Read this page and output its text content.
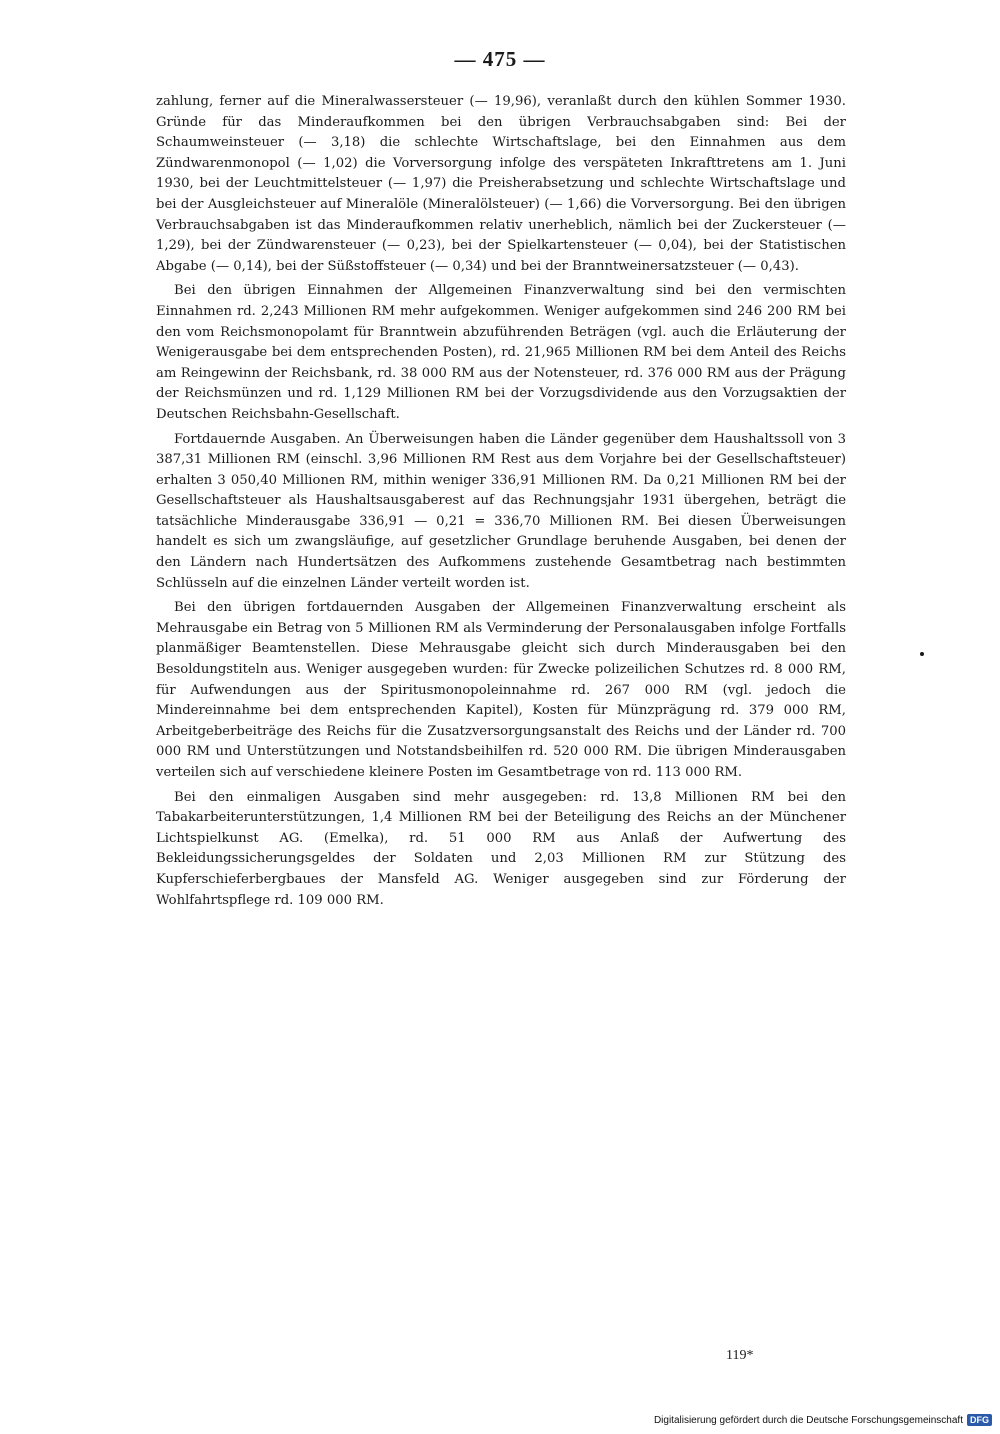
— 475 —

zahlung, ferner auf die Mineralwassersteuer (— 19,96), veranlaßt durch den kühlen Sommer 1930. Gründe für das Minderaufkommen bei den übrigen Verbrauchsabgaben sind: Bei der Schaumweinsteuer (— 3,18) die schlechte Wirtschaftslage, bei den Einnahmen aus dem Zündwarenmonopol (— 1,02) die Vorversorgung infolge des verspäteten Inkrafttretens am 1. Juni 1930, bei der Leuchtmittelsteuer (— 1,97) die Preisherabsetzung und schlechte Wirtschaftslage und bei der Ausgleichsteuer auf Mineralöle (Mineralölsteuer) (— 1,66) die Vorversorgung. Bei den übrigen Verbrauchsabgaben ist das Minderaufkommen relativ unerheblich, nämlich bei der Zuckersteuer (— 1,29), bei der Zündwarensteuer (— 0,23), bei der Spielkartensteuer (— 0,04), bei der Statistischen Abgabe (— 0,14), bei der Süßstoffsteuer (— 0,34) und bei der Branntweinersatzsteuer (— 0,43).

Bei den übrigen Einnahmen der Allgemeinen Finanzverwaltung sind bei den vermischten Einnahmen rd. 2,243 Millionen RM mehr aufgekommen. Weniger aufgekommen sind 246 200 RM bei den vom Reichsmonopolamt für Branntwein abzuführenden Beträgen (vgl. auch die Erläuterung der Wenigerausgabe bei dem entsprechenden Posten), rd. 21,965 Millionen RM bei dem Anteil des Reichs am Reingewinn der Reichsbank, rd. 38 000 RM aus der Notensteuer, rd. 376 000 RM aus der Prägung der Reichsmünzen und rd. 1,129 Millionen RM bei der Vorzugsdividende aus den Vorzugsaktien der Deutschen Reichsbahn-Gesellschaft.

Fortdauernde Ausgaben. An Überweisungen haben die Länder gegenüber dem Haushaltssoll von 3 387,31 Millionen RM (einschl. 3,96 Millionen RM Rest aus dem Vorjahre bei der Gesellschaftsteuer) erhalten 3 050,40 Millionen RM, mithin weniger 336,91 Millionen RM. Da 0,21 Millionen RM bei der Gesellschaftsteuer als Haushaltsausgaberest auf das Rechnungsjahr 1931 übergehen, beträgt die tatsächliche Minderausgabe 336,91 — 0,21 = 336,70 Millionen RM. Bei diesen Überweisungen handelt es sich um zwangsläufige, auf gesetzlicher Grundlage beruhende Ausgaben, bei denen der den Ländern nach Hundertsätzen des Aufkommens zustehende Gesamtbetrag nach bestimmten Schlüsseln auf die einzelnen Länder verteilt worden ist.

Bei den übrigen fortdauernden Ausgaben der Allgemeinen Finanzverwaltung erscheint als Mehrausgabe ein Betrag von 5 Millionen RM als Verminderung der Personalausgaben infolge Fortfalls planmäßiger Beamtenstellen. Diese Mehrausgabe gleicht sich durch Minderausgaben bei den Besoldungstiteln aus. Weniger ausgegeben wurden: für Zwecke polizeilichen Schutzes rd. 8 000 RM, für Aufwendungen aus der Spiritusmonopoleinnahme rd. 267 000 RM (vgl. jedoch die Mindereinnahme bei dem entsprechenden Kapitel), Kosten für Münzprägung rd. 379 000 RM, Arbeitgeberbeiträge des Reichs für die Zusatzversorgungsanstalt des Reichs und der Länder rd. 700 000 RM und Unterstützungen und Notstandsbeihilfen rd. 520 000 RM. Die übrigen Minderausgaben verteilen sich auf verschiedene kleinere Posten im Gesamtbetrage von rd. 113 000 RM.

Bei den einmaligen Ausgaben sind mehr ausgegeben: rd. 13,8 Millionen RM bei den Tabakarbeiterunterstützungen, 1,4 Millionen RM bei der Beteiligung des Reichs an der Münchener Lichtspielkunst AG. (Emelka), rd. 51 000 RM aus Anlaß der Aufwertung des Bekleidungssicherungsgeldes der Soldaten und 2,03 Millionen RM zur Stützung des Kupferschieferbergbaues der Mansfeld AG. Weniger ausgegeben sind zur Förderung der Wohlfahrtspflege rd. 109 000 RM.

119*
Digitalisierung gefördert durch die Deutsche Forschungsgemeinschaft DFG
